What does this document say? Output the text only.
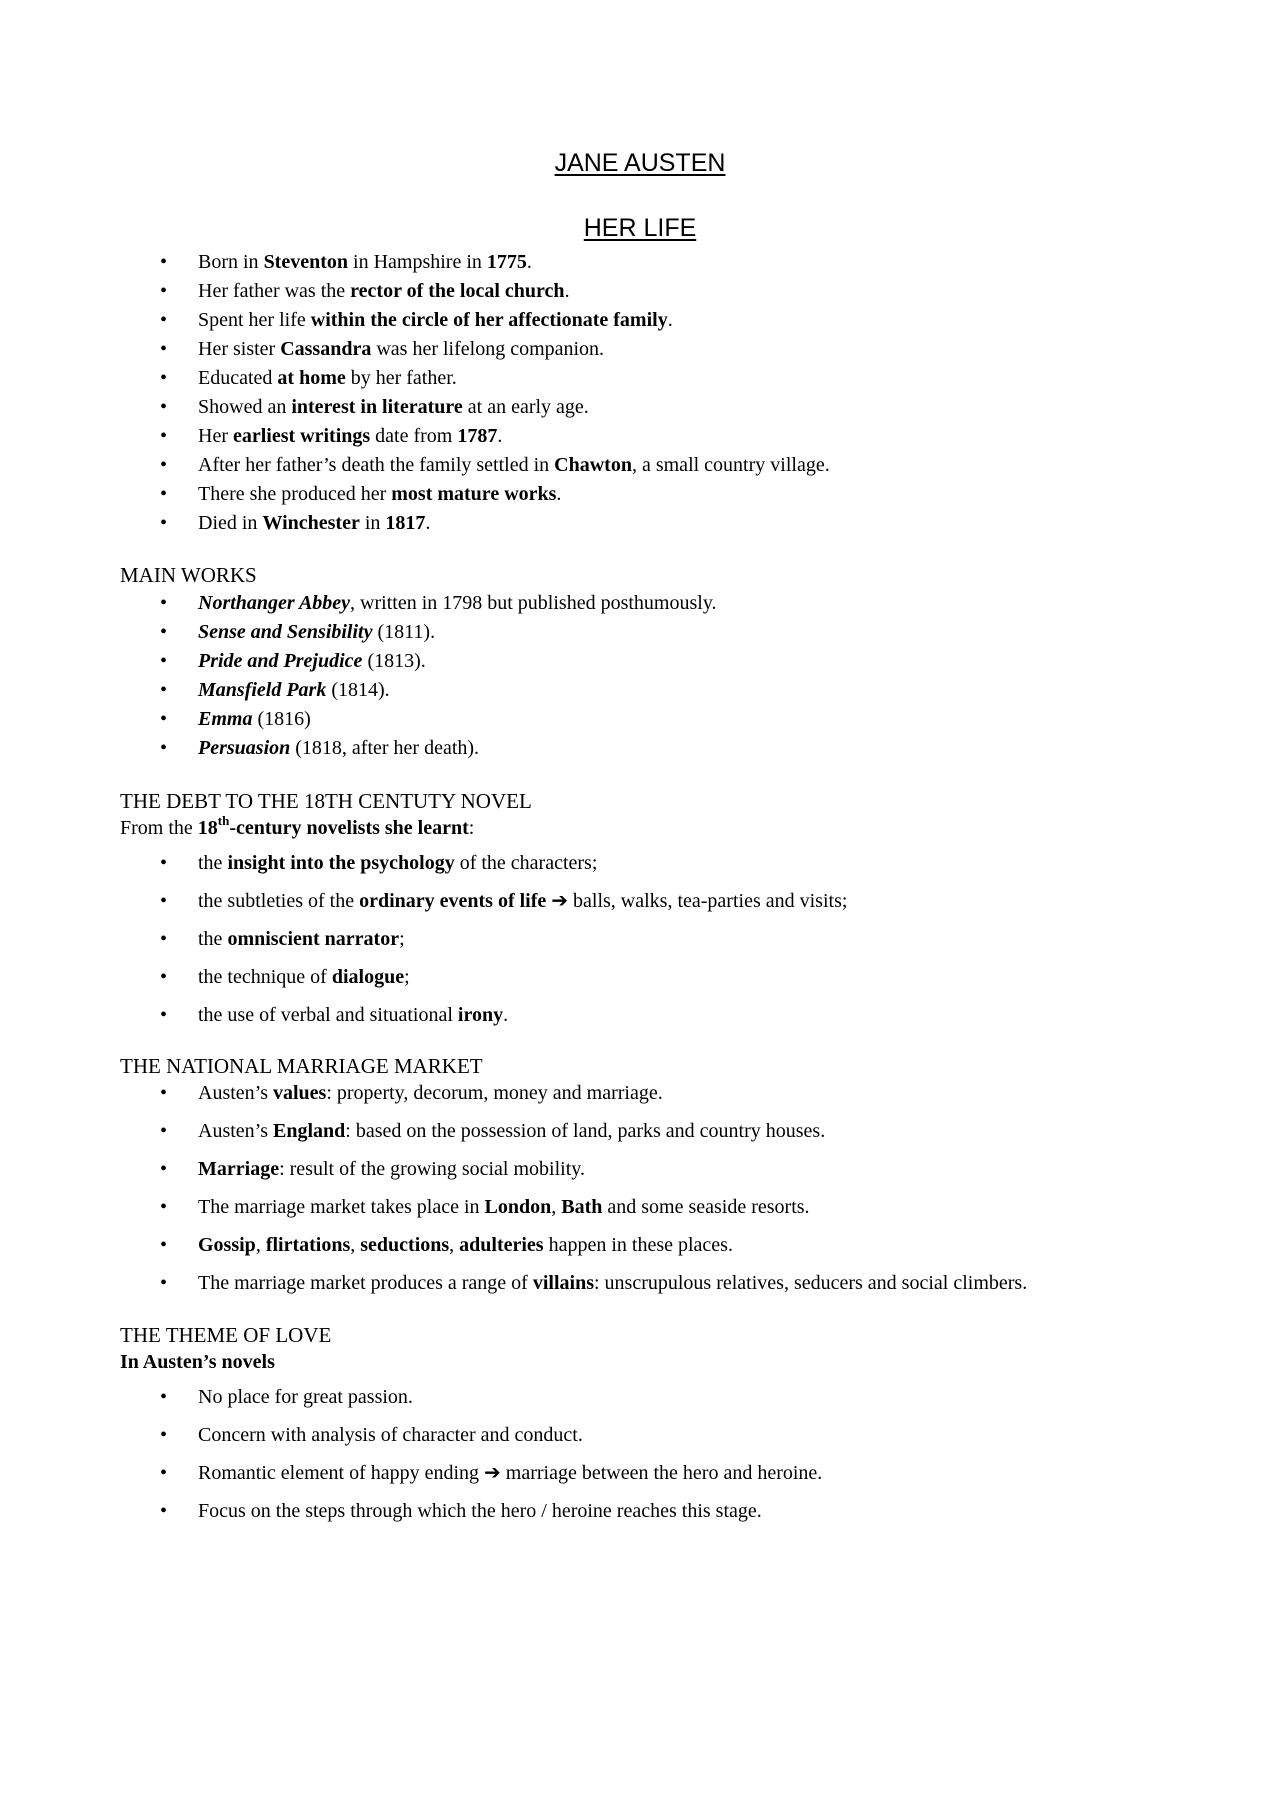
JANE AUSTEN
HER LIFE
• Born in Steventon in Hampshire in 1775.
• Her father was the rector of the local church.
• Spent her life within the circle of her affectionate family.
• Her sister Cassandra was her lifelong companion.
• Educated at home by her father.
• Showed an interest in literature at an early age.
• Her earliest writings date from 1787.
• After her father’s death the family settled in Chawton, a small country village.
• There she produced her most mature works.
• Died in Winchester in 1817.
MAIN WORKS
• Northanger Abbey, written in 1798 but published posthumously.
• Sense and Sensibility (1811).
• Pride and Prejudice (1813).
• Mansfield Park (1814).
• Emma (1816)
• Persuasion (1818, after her death).
THE DEBT TO THE 18TH CENTUTY NOVEL
From the 18th-century novelists she learnt:
• the insight into the psychology of the characters;
• the subtleties of the ordinary events of life ➔ balls, walks, tea-parties and visits;
• the omniscient narrator;
• the technique of dialogue;
• the use of verbal and situational irony.
THE NATIONAL MARRIAGE MARKET
• Austen’s values: property, decorum, money and marriage.
• Austen’s England: based on the possession of land, parks and country houses.
• Marriage: result of the growing social mobility.
• The marriage market takes place in London, Bath and some seaside resorts.
• Gossip, flirtations, seductions, adulteries happen in these places.
• The marriage market produces a range of villains: unscrupulous relatives, seducers and social climbers.
THE THEME OF LOVE
In Austen’s novels
• No place for great passion.
• Concern with analysis of character and conduct.
• Romantic element of happy ending ➔ marriage between the hero and heroine.
• Focus on the steps through which the hero / heroine reaches this stage.
